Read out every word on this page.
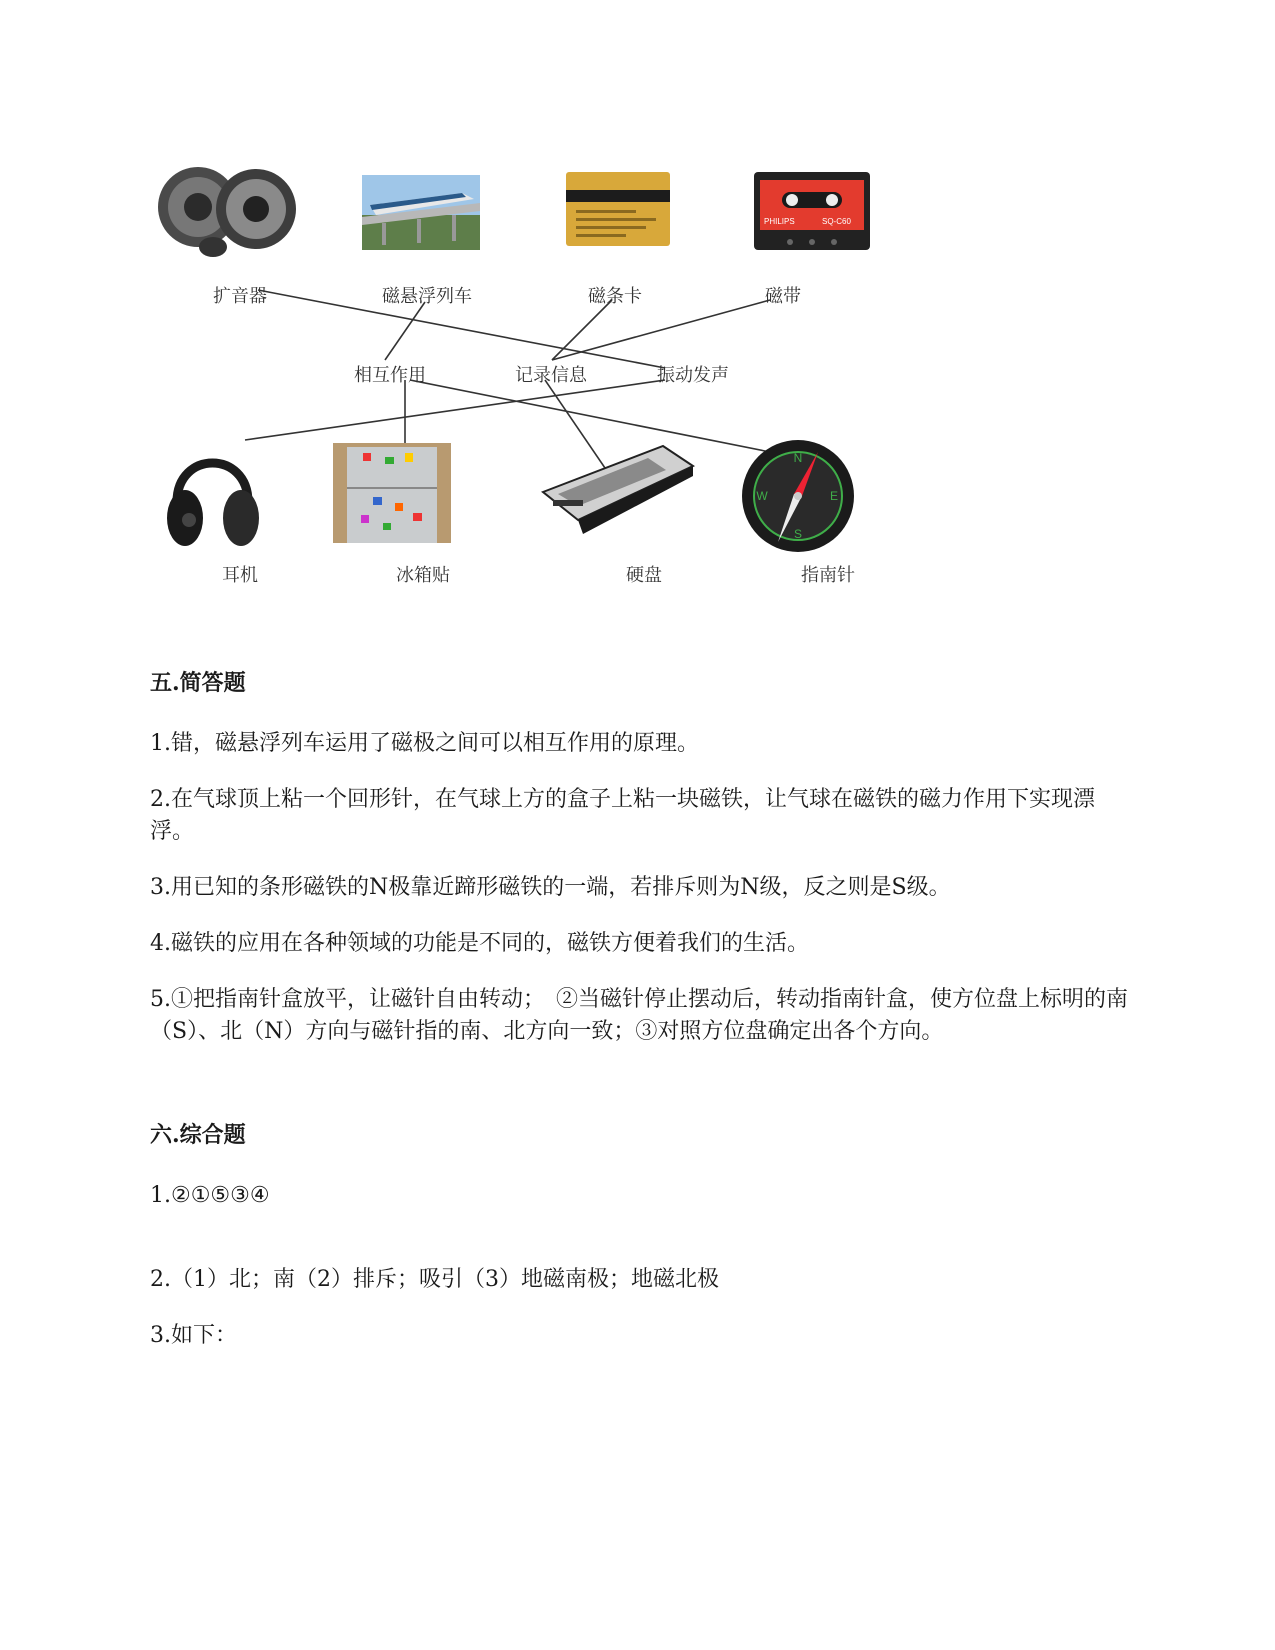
PHILIPS	SQ-C60
扩音器	磁悬浮列车	磁条卡	磁带
相互作用	记录信息	振动发声
N
E
S
W
耳机	冰箱贴	硬盘	指南针
五.简答题
1.错，磁悬浮列车运用了磁极之间可以相互作用的原理。
2.在气球顶上粘一个回形针，在气球上方的盒子上粘一块磁铁，让气球在磁铁的磁力作用下实现漂浮。
3.用已知的条形磁铁的N极靠近蹄形磁铁的一端，若排斥则为N级，反之则是S级。
4.磁铁的应用在各种领域的功能是不同的，磁铁方便着我们的生活。
5.①把指南针盒放平，让磁针自由转动；　②当磁针停止摆动后，转动指南针盒，使方位盘上标明的南（S）、北（N）方向与磁针指的南、北方向一致；③对照方位盘确定出各个方向。
六.综合题
1.②①⑤③④
2.（1）北；南（2）排斥；吸引（3）地磁南极；地磁北极
3.如下：
